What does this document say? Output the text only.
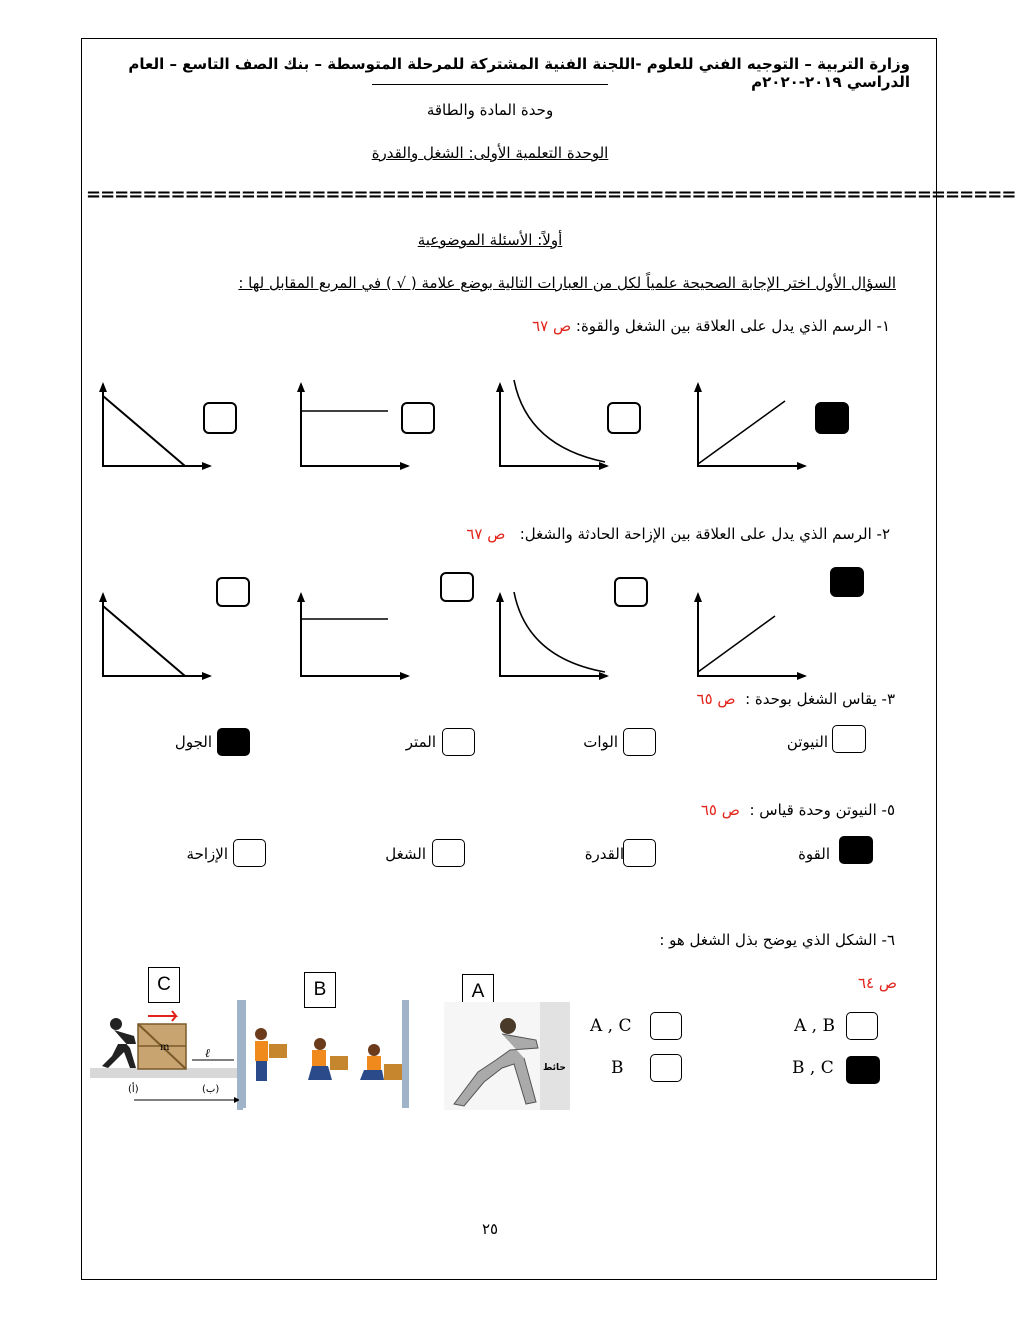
وزارة التربية – التوجيه الفني للعلوم -اللجنة الفنية المشتركة للمرحلة المتوسطة – بنك الصف التاسع – العام الدراسي ٢٠١٩-٢٠٢٠م
وحدة المادة والطاقة
الوحدة التعلمية الأولى: الشغل والقدرة
==================================================================
أولاً: الأسئلة الموضوعية
السؤال الأول اختر الإجابة الصحيحة علمياً لكل من العبارات التالية بوضع علامة ( √ ) في المربع المقابل لها :
١- الرسم الذي يدل على العلاقة بين الشغل والقوة: ص ٦٧
٢- الرسم الذي يدل على العلاقة بين الإزاحة الحادثة والشغل:   ص ٦٧
٣- يقاس الشغل بوحدة :  ص ٦٥
النيوتن
الوات
المتر
الجول
٥- النيوتن وحدة قياس :  ص ٦٥
القوة
القدرة
الشغل
الإزاحة
٦- الشكل الذي يوضح بذل الشغل هو :
ص ٦٤
A , B
A , C
B , C
B
C	B	A
m	ℓ
(أ)	(ب)
حائط
٢٥
